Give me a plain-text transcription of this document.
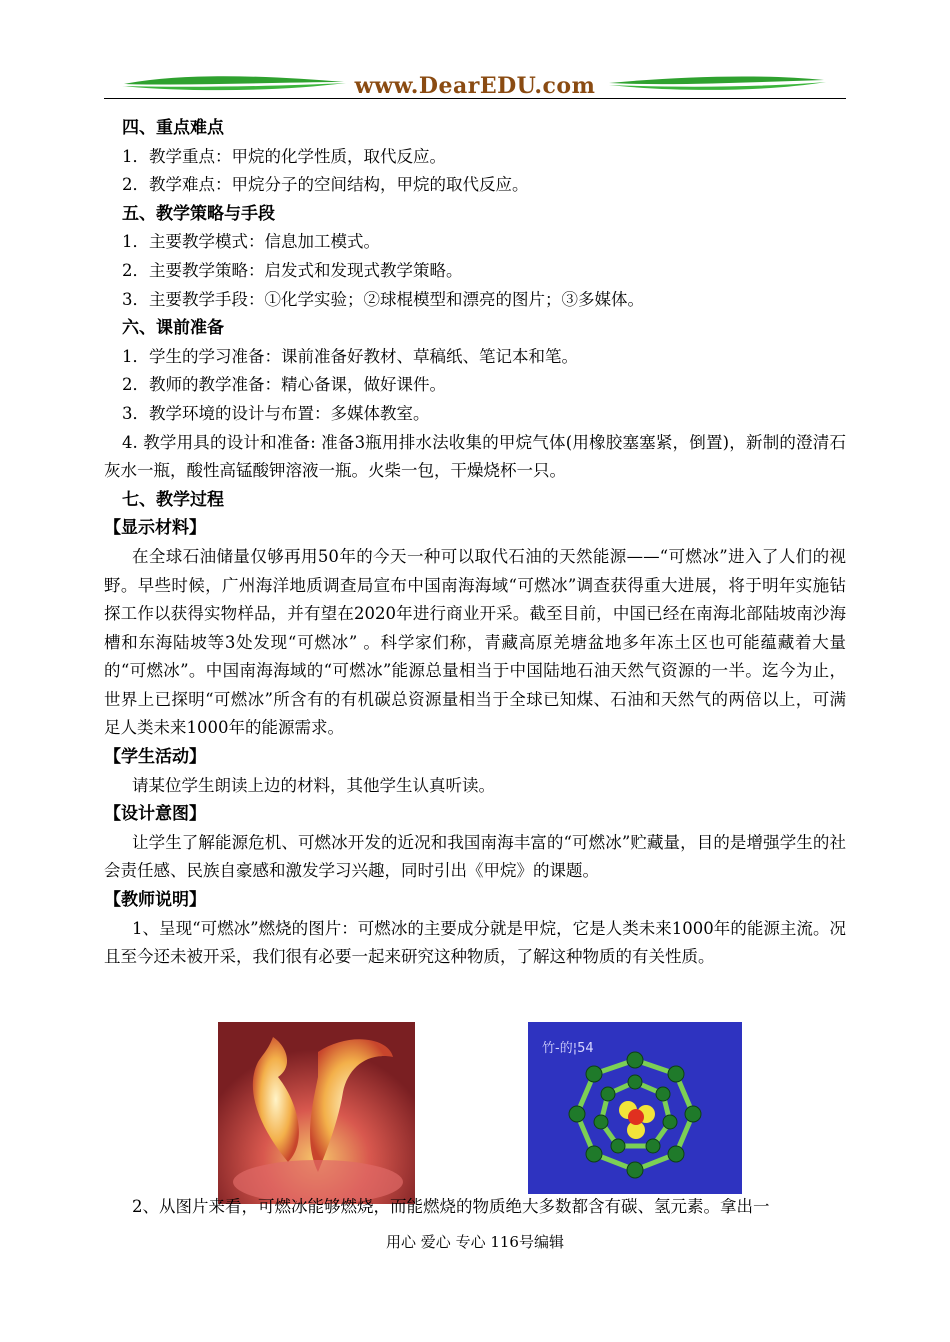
www.DearEDU.com

四、重点难点

1．教学重点：甲烷的化学性质，取代反应。

2．教学难点：甲烷分子的空间结构，甲烷的取代反应。

五、教学策略与手段

1．主要教学模式：信息加工模式。

2．主要教学策略：启发式和发现式教学策略。

3．主要教学手段：①化学实验；②球棍模型和漂亮的图片；③多媒体。

六、课前准备

1．学生的学习准备：课前准备好教材、草稿纸、笔记本和笔。

2．教师的教学准备：精心备课，做好课件。

3．教学环境的设计与布置：多媒体教室。

4. 教学用具的设计和准备: 准备3瓶用排水法收集的甲烷气体(用橡胶塞塞紧，倒置)，新制的澄清石灰水一瓶，酸性高锰酸钾溶液一瓶。火柴一包，干燥烧杯一只。

七、教学过程

【显示材料】

在全球石油储量仅够再用50年的今天一种可以取代石油的天然能源——“可燃冰”进入了人们的视野。早些时候，广州海洋地质调查局宣布中国南海海域“可燃冰”调查获得重大进展，将于明年实施钻探工作以获得实物样品，并有望在2020年进行商业开采。截至目前，中国已经在南海北部陆坡南沙海槽和东海陆坡等3处发现“可燃冰” 。科学家们称，青藏高原羌塘盆地多年冻土区也可能蕴藏着大量的“可燃冰”。中国南海海域的“可燃冰”能源总量相当于中国陆地石油天然气资源的一半。迄今为止，世界上已探明“可燃冰”所含有的有机碳总资源量相当于全球已知煤、石油和天然气的两倍以上，可满足人类未来1000年的能源需求。

【学生活动】

请某位学生朗读上边的材料，其他学生认真听读。

【设计意图】

让学生了解能源危机、可燃冰开发的近况和我国南海丰富的“可燃冰”贮藏量，目的是增强学生的社会责任感、民族自豪感和激发学习兴趣，同时引出《甲烷》的课题。

【教师说明】

1、呈现“可燃冰”燃烧的图片：可燃冰的主要成分就是甲烷，它是人类未来1000年的能源主流。况且至今还未被开采，我们很有必要一起来研究这种物质，了解这种物质的有关性质。

竹-的¦54

2、从图片来看，可燃冰能够燃烧，而能燃烧的物质绝大多数都含有碳、氢元素。拿出一

用心 爱心 专心 116号编辑
